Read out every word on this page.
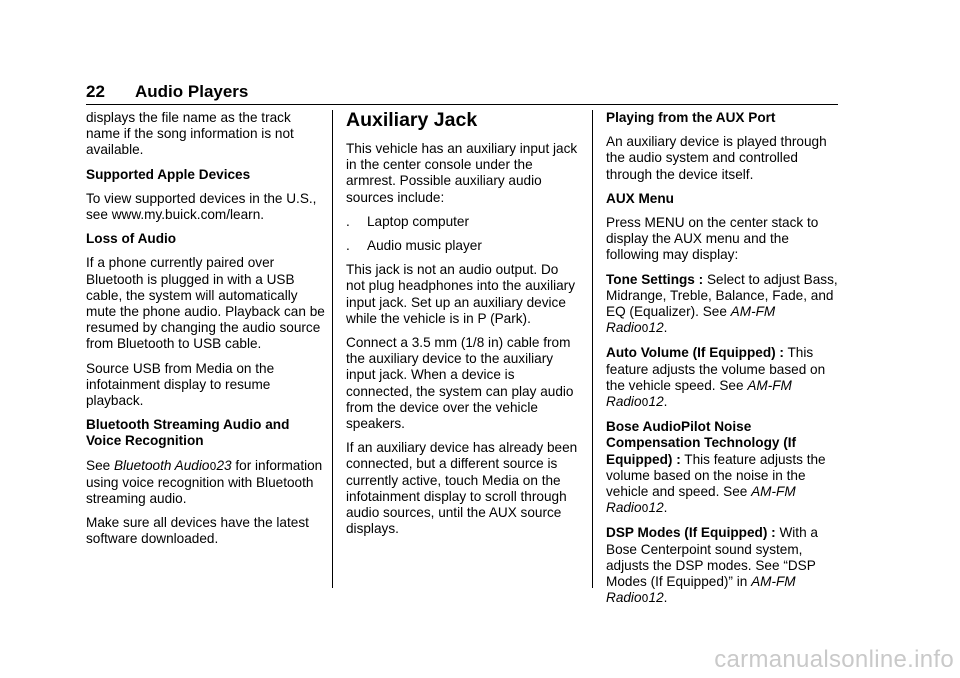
22 Audio Players

displays the file name as the track name if the song information is not available.

Supported Apple Devices

To view supported devices in the U.S., see www.my.buick.com/learn.

Loss of Audio

If a phone currently paired over Bluetooth is plugged in with a USB cable, the system will automatically mute the phone audio. Playback can be resumed by changing the audio source from Bluetooth to USB cable.

Source USB from Media on the infotainment display to resume playback.

Bluetooth Streaming Audio and Voice Recognition

See Bluetooth Audio023 for information using voice recognition with Bluetooth streaming audio.

Make sure all devices have the latest software downloaded.

Auxiliary Jack

This vehicle has an auxiliary input jack in the center console under the armrest. Possible auxiliary audio sources include:

.	Laptop computer
.	Audio music player

This jack is not an audio output. Do not plug headphones into the auxiliary input jack. Set up an auxiliary device while the vehicle is in P (Park).

Connect a 3.5 mm (1/8 in) cable from the auxiliary device to the auxiliary input jack. When a device is connected, the system can play audio from the device over the vehicle speakers.

If an auxiliary device has already been connected, but a different source is currently active, touch Media on the infotainment display to scroll through audio sources, until the AUX source displays.

Playing from the AUX Port

An auxiliary device is played through the audio system and controlled through the device itself.

AUX Menu

Press MENU on the center stack to display the AUX menu and the following may display:

Tone Settings : Select to adjust Bass, Midrange, Treble, Balance, Fade, and EQ (Equalizer). See AM-FM Radio012.

Auto Volume (If Equipped) : This feature adjusts the volume based on the vehicle speed. See AM-FM Radio012.

Bose AudioPilot Noise Compensation Technology (If Equipped) : This feature adjusts the volume based on the noise in the vehicle and speed. See AM-FM Radio012.

DSP Modes (If Equipped) : With a Bose Centerpoint sound system, adjusts the DSP modes. See “DSP Modes (If Equipped)” in AM-FM Radio012.

carmanualsonline.info
